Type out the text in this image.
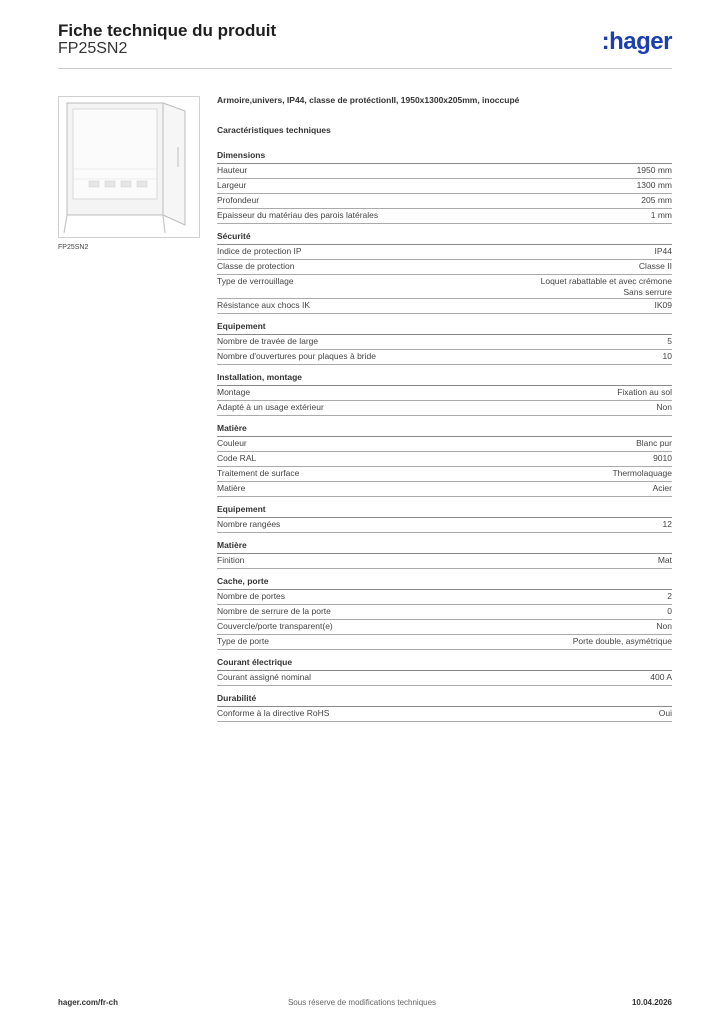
Fiche technique du produit
FP25SN2	:hager
FP25SN2
Armoire,univers, IP44, classe de protéctionII, 1950x1300x205mm, inoccupé
Caractéristiques techniques
Dimensions
Hauteur	1950 mm
Largeur	1300 mm
Profondeur	205 mm
Epaisseur du matériau des parois latérales	1 mm
Sécurité
Indice de protection IP	IP44
Classe de protection	Classe II
Type de verrouillage	Loquet rabattable et avec crémone
Sans serrure
Résistance aux chocs IK	IK09
Equipement
Nombre de travée de large	5
Nombre d'ouvertures pour plaques à bride	10
Installation, montage
Montage	Fixation au sol
Adapté à un usage extérieur	Non
Matière
Couleur	Blanc pur
Code RAL	9010
Traitement de surface	Thermolaquage
Matière	Acier
Equipement
Nombre rangées	12
Matière
Finition	Mat
Cache, porte
Nombre de portes	2
Nombre de serrure de la porte	0
Couvercle/porte transparent(e)	Non
Type de porte	Porte double, asymétrique
Courant électrique
Courant assigné nominal	400 A
Durabilité
Conforme à la directive RoHS	Oui
hager.com/fr-ch	Sous réserve de modifications techniques	10.04.2026
